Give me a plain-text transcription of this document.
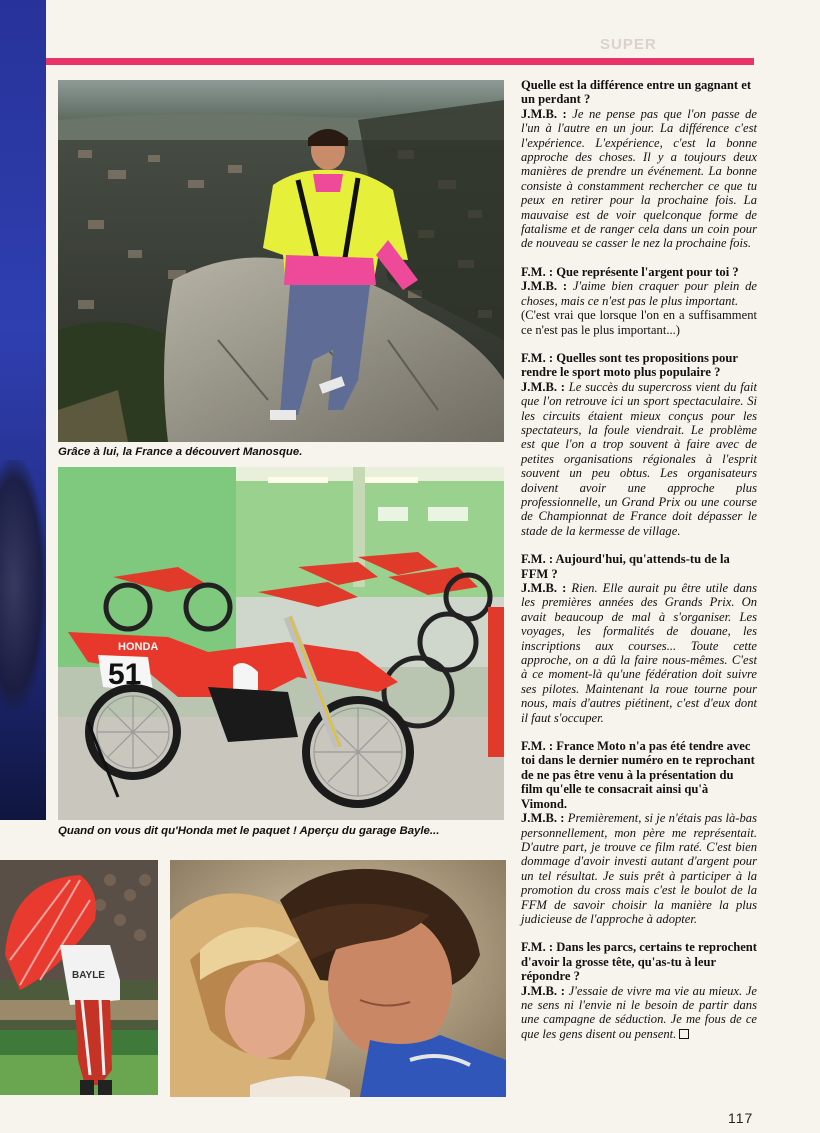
SUPER
Grâce à lui, la France a découvert Manosque.
51
HONDA
Quand on vous dit qu'Honda met le paquet ! Aperçu du garage Bayle...
BAYLE
Quelle est la différence entre un gagnant et un perdant ?
J.M.B. : Je ne pense pas que l'on passe de l'un à l'autre en un jour. La différence c'est l'expérience. L'expérience, c'est la bonne approche des choses. Il y a toujours deux manières de prendre un événement. La bonne consiste à constamment rechercher ce que tu peux en retirer pour la prochaine fois. La mauvaise est de voir quelconque forme de fatalisme et de ranger cela dans un coin pour de nouveau se casser le nez la prochaine fois.
F.M. : Que représente l'argent pour toi ?
J.M.B. : J'aime bien craquer pour plein de choses, mais ce n'est pas le plus important.
(C'est vrai que lorsque l'on en a suffisamment ce n'est pas le plus important...)
F.M. : Quelles sont tes propositions pour rendre le sport moto plus populaire ?
J.M.B. : Le succès du supercross vient du fait que l'on retrouve ici un sport spectaculaire. Si les circuits étaient mieux conçus pour les spectateurs, la foule viendrait. Le problème est que l'on a trop souvent à faire avec de petites organisations régionales à l'esprit souvent un peu obtus. Les organisateurs doivent avoir une approche plus professionnelle, un Grand Prix ou une course de Championnat de France doit dépasser le stade de la kermesse de village.
F.M. : Aujourd'hui, qu'attends-tu de la FFM ?
J.M.B. : Rien. Elle aurait pu être utile dans les premières années des Grands Prix. On avait beaucoup de mal à s'organiser. Les voyages, les formalités de douane, les inscriptions aux courses... Toute cette approche, on a dû la faire nous-mêmes. C'est à ce moment-là qu'une fédération doit suivre ses pilotes. Maintenant la roue tourne pour nous, mais d'autres piétinent, c'est d'eux dont il faut s'occuper.
F.M. : France Moto n'a pas été tendre avec toi dans le dernier numéro en te reprochant de ne pas être venu à la présentation du film qu'elle te consacrait ainsi qu'à Vimond.
J.M.B. : Premièrement, si je n'étais pas là-bas personnellement, mon père me représentait. D'autre part, je trouve ce film raté. C'est bien dommage d'avoir investi autant d'argent pour un tel résultat. Je suis prêt à participer à la promotion du cross mais c'est le boulot de la FFM de savoir choisir la manière la plus judicieuse de l'approche à adopter.
F.M. : Dans les parcs, certains te reprochent d'avoir la grosse tête, qu'as-tu à leur répondre ?
J.M.B. : J'essaie de vivre ma vie au mieux. Je ne sens ni l'envie ni le besoin de partir dans une campagne de séduction. Je me fous de ce que les gens disent ou pensent.
117
